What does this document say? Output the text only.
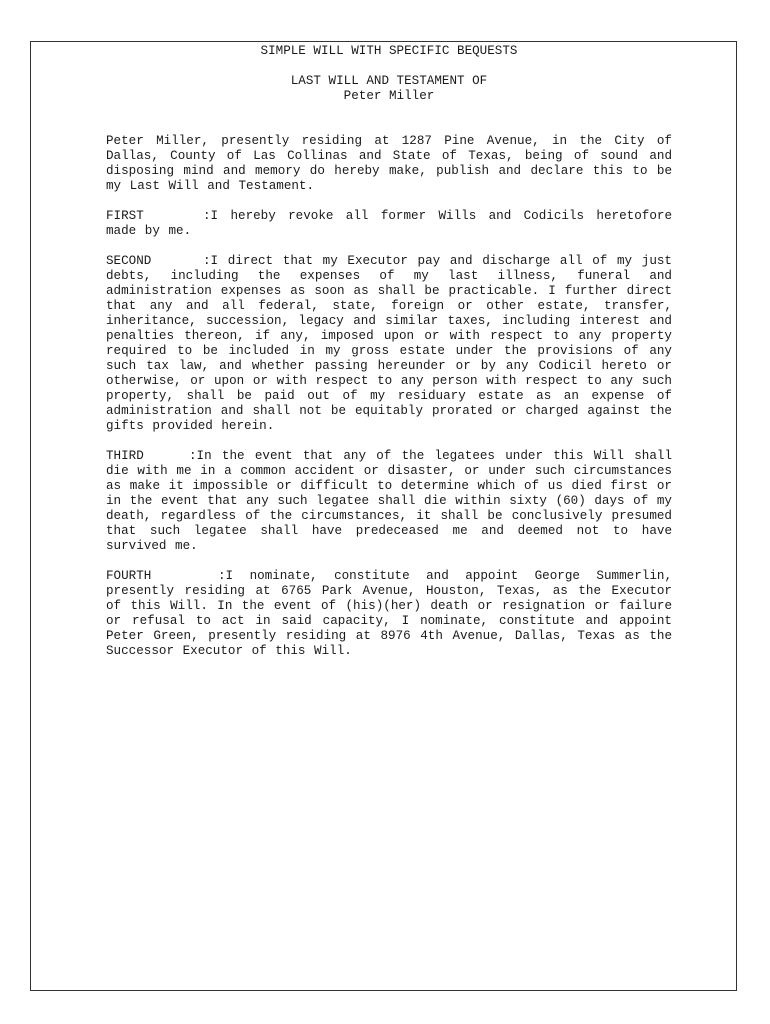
SIMPLE WILL WITH SPECIFIC BEQUESTS

LAST WILL AND TESTAMENT OF

Peter Miller

Peter Miller, presently residing at 1287 Pine Avenue, in the City of Dallas, County of Las Collinas and State of Texas, being of sound and disposing mind and memory do hereby make, publish and declare this to be my Last Will and Testament.

FIRST	:I hereby revoke all former Wills and Codicils heretofore made by me.

SECOND	:I direct that my Executor pay and discharge all of my just debts, including the expenses of my last illness, funeral and administration expenses as soon as shall be practicable. I further direct that any and all federal, state, foreign or other estate, transfer, inheritance, succession, legacy and similar taxes, including interest and penalties thereon, if any, imposed upon or with respect to any property required to be included in my gross estate under the provisions of any such tax law, and whether passing hereunder or by any Codicil hereto or otherwise, or upon or with respect to any person with respect to any such property, shall be paid out of my residuary estate as an expense of administration and shall not be equitably prorated or charged against the gifts provided herein.

THIRD	:In the event that any of the legatees under this Will shall die with me in a common accident or disaster, or under such circumstances as make it impossible or difficult to determine which of us died first or in the event that any such legatee shall die within sixty (60) days of my death, regardless of the circumstances, it shall be conclusively presumed that such legatee shall have predeceased me and deemed not to have survived me.

FOURTH	:I nominate, constitute and appoint George Summerlin, presently residing at 6765 Park Avenue, Houston, Texas, as the Executor of this Will. In the event of (his)(her) death or resignation or failure or refusal to act in said capacity, I nominate, constitute and appoint Peter Green, presently residing at 8976 4th Avenue, Dallas, Texas as the Successor Executor of this Will.
